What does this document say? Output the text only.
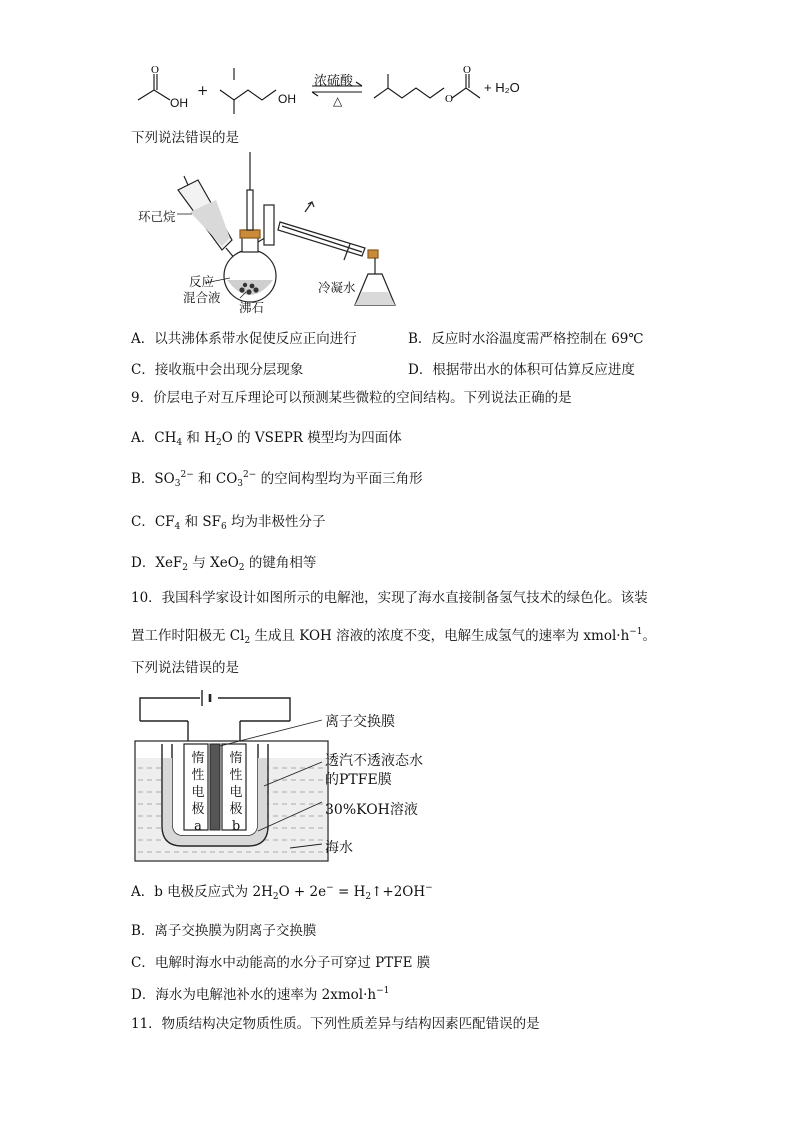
O
O
O
OH
+	OH
浓硫酸
△
+ H₂O
下列说法错误的是
环己烷
反应
混合液
沸石
冷凝水
A．以共沸体系带水促使反应正向进行	B．反应时水浴温度需严格控制在 69℃
C．接收瓶中会出现分层现象	D．根据带出水的体积可估算反应进度
9．价层电子对互斥理论可以预测某些微粒的空间结构。下列说法正确的是
A．$CH_4$ 和 $H_2O$ 的 VSEPR 模型均为四面体
B．$SO_3^{2-}$ 和 $CO_3^{2-}$ 的空间构型均为平面三角形
C．$CF_4$ 和 $SF_6$ 均为非极性分子
D．XeF$_2$ 与 XeO$_2$ 的键角相等
10．我国科学家设计如图所示的电解池，实现了海水直接制备氢气技术的绿色化。该装
置工作时阳极无 $Cl_2$ 生成且 KOH 溶液的浓度不变，电解生成氢气的速率为 $xmol\cdot h^{-1}$。
下列说法错误的是
惰
性
电
极
a
惰
性
电
极
b
离子交换膜
透汽不透液态水
的PTFE膜
30%KOH溶液
海水
A．b 电极反应式为 $2H_2O + 2e^-$ = $H_2↑+2OH^-$
B．离子交换膜为阴离子交换膜
C．电解时海水中动能高的水分子可穿过 PTFE 膜
D．海水为电解池补水的速率为 $2xmol\cdot h^{-1}$
11．物质结构决定物质性质。下列性质差异与结构因素匹配错误的是
